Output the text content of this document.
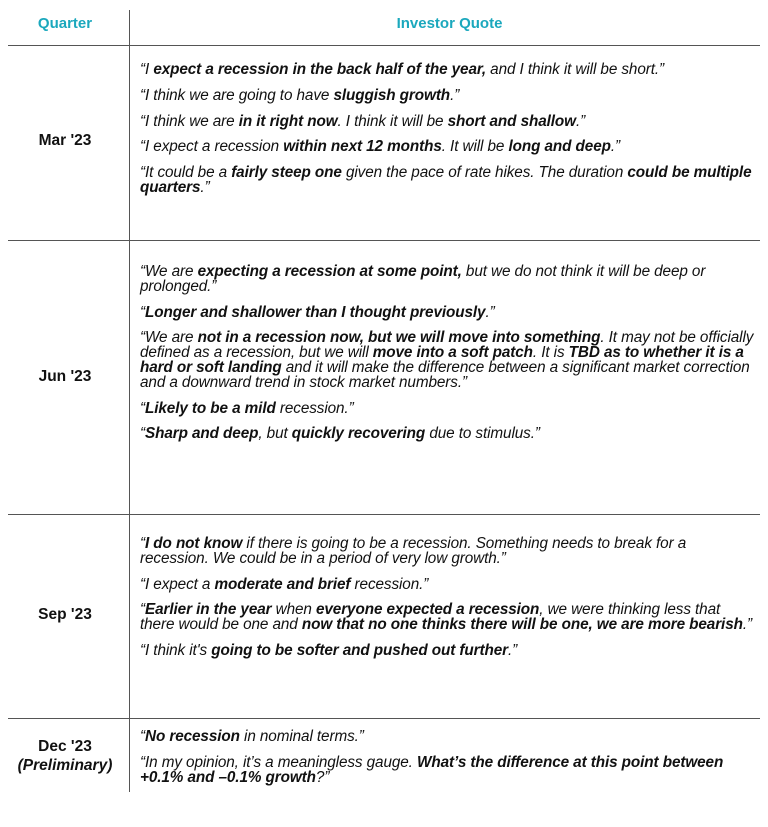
Quarter	Investor Quote
Mar '23

“I expect a recession in the back half of the year, and I think it will be short.”

“I think we are going to have sluggish growth.”

“I think we are in it right now. I think it will be short and shallow.”

“I expect a recession within next 12 months. It will be long and deep.”

“It could be a fairly steep one given the pace of rate hikes. The duration could be multiple quarters.”

Jun '23

“We are expecting a recession at some point, but we do not think it will be deep or prolonged.”

“Longer and shallower than I thought previously.”

“We are not in a recession now, but we will move into something. It may not be officially defined as a recession, but we will move into a soft patch. It is TBD as to whether it is a hard or soft landing and it will make the difference between a significant market correction and a downward trend in stock market numbers.”

“Likely to be a mild recession.”

“Sharp and deep, but quickly recovering due to stimulus.”

Sep '23

“I do not know if there is going to be a recession. Something needs to break for a recession. We could be in a period of very low growth.”

“I expect a moderate and brief recession.”

“Earlier in the year when everyone expected a recession, we were thinking less that there would be one and now that no one thinks there will be one, we are more bearish.”

“I think it's going to be softer and pushed out further.”

Dec '23
(Preliminary)

“No recession in nominal terms.”

“In my opinion, it’s a meaningless gauge. What’s the difference at this point between +0.1% and –0.1% growth?”
